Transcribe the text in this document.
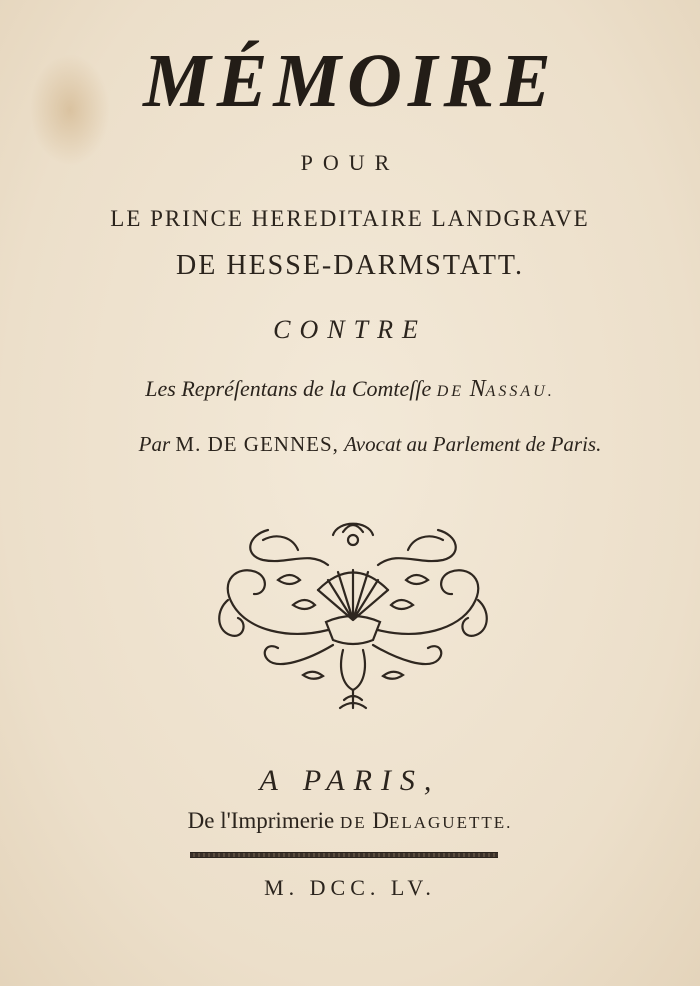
MÉMOIRE
POUR
LE PRINCE HEREDITAIRE LANDGRAVE
DE HESSE-DARMSTATT.
CONTRE
Les Repréſentans de la Comteſſe DE NASSAU.
Par M. DE GENNES, Avocat au Parlement de Paris.
A PARIS,
De l'Imprimerie DE DELAGUETTE.
M. DCC. LV.
